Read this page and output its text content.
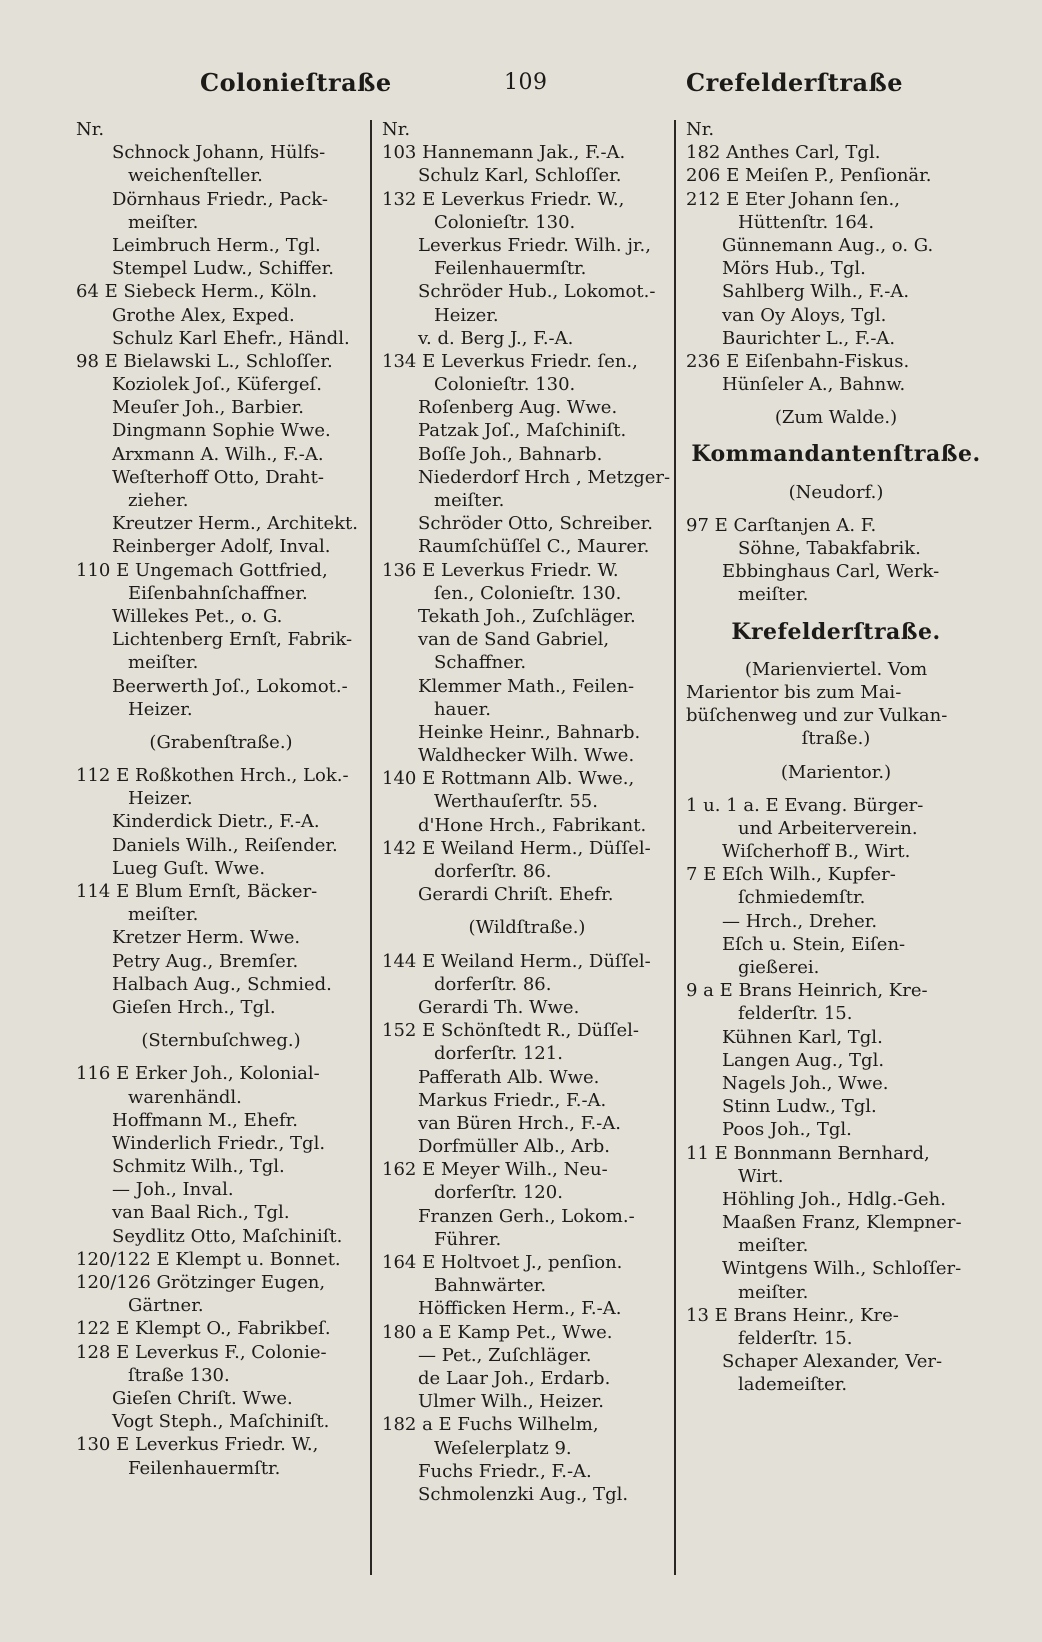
Colonieſtraße	109	Crefelderſtraße
Nr.
Schnock Johann, Hülfs-
weichenſteller.
Dörnhaus Friedr., Pack-
meiſter.
Leimbruch Herm., Tgl.
Stempel Ludw., Schiffer.
64 E Siebeck Herm., Köln.
Grothe Alex, Exped.
Schulz Karl Ehefr., Händl.
98 E Bielawski L., Schloſſer.
Koziolek Joſ., Küfergeſ.
Meuſer Joh., Barbier.
Dingmann Sophie Wwe.
Arxmann A. Wilh., F.-A.
Weſterhoff Otto, Draht-
zieher.
Kreutzer Herm., Architekt.
Reinberger Adolf, Inval.
110 E Ungemach Gottfried,
Eiſenbahnſchaffner.
Willekes Pet., o. G.
Lichtenberg Ernſt, Fabrik-
meiſter.
Beerwerth Joſ., Lokomot.-
Heizer.
(Grabenſtraße.)
112 E Roßkothen Hrch., Lok.-
Heizer.
Kinderdick Dietr., F.-A.
Daniels Wilh., Reiſender.
Lueg Guſt. Wwe.
114 E Blum Ernſt, Bäcker-
meiſter.
Kretzer Herm. Wwe.
Petry Aug., Bremſer.
Halbach Aug., Schmied.
Gieſen Hrch., Tgl.
(Sternbuſchweg.)
116 E Erker Joh., Kolonial-
warenhändl.
Hoffmann M., Ehefr.
Winderlich Friedr., Tgl.
Schmitz Wilh., Tgl.
— Joh., Inval.
van Baal Rich., Tgl.
Seydlitz Otto, Maſchiniſt.
120/122 E Klempt u. Bonnet.
120/126 Grötzinger Eugen,
Gärtner.
122 E Klempt O., Fabrikbeſ.
128 E Leverkus F., Colonie-
ſtraße 130.
Gieſen Chriſt. Wwe.
Vogt Steph., Maſchiniſt.
130 E Leverkus Friedr. W.,
Feilenhauermſtr.
Nr.
103 Hannemann Jak., F.-A.
Schulz Karl, Schloſſer.
132 E Leverkus Friedr. W.,
Colonieſtr. 130.
Leverkus Friedr. Wilh. jr.,
Feilenhauermſtr.
Schröder Hub., Lokomot.-
Heizer.
v. d. Berg J., F.-A.
134 E Leverkus Friedr. ſen.,
Colonieſtr. 130.
Roſenberg Aug. Wwe.
Patzak Joſ., Maſchiniſt.
Boſſe Joh., Bahnarb.
Niederdorf Hrch , Metzger-
meiſter.
Schröder Otto, Schreiber.
Raumſchüſſel C., Maurer.
136 E Leverkus Friedr. W.
ſen., Colonieſtr. 130.
Tekath Joh., Zuſchläger.
van de Sand Gabriel,
Schaffner.
Klemmer Math., Feilen-
hauer.
Heinke Heinr., Bahnarb.
Waldhecker Wilh. Wwe.
140 E Rottmann Alb. Wwe.,
Werthauſerſtr. 55.
d'Hone Hrch., Fabrikant.
142 E Weiland Herm., Düſſel-
dorferſtr. 86.
Gerardi Chriſt. Ehefr.
(Wildſtraße.)
144 E Weiland Herm., Düſſel-
dorferſtr. 86.
Gerardi Th. Wwe.
152 E Schönſtedt R., Düſſel-
dorferſtr. 121.
Pafferath Alb. Wwe.
Markus Friedr., F.-A.
van Büren Hrch., F.-A.
Dorfmüller Alb., Arb.
162 E Meyer Wilh., Neu-
dorferſtr. 120.
Franzen Gerh., Lokom.-
Führer.
164 E Holtvoet J., penſion.
Bahnwärter.
Höfficken Herm., F.-A.
180 a E Kamp Pet., Wwe.
— Pet., Zuſchläger.
de Laar Joh., Erdarb.
Ulmer Wilh., Heizer.
182 a E Fuchs Wilhelm,
Weſelerplatz 9.
Fuchs Friedr., F.-A.
Schmolenzki Aug., Tgl.
Nr.
182 Anthes Carl, Tgl.
206 E Meiſen P., Penſionär.
212 E Eter Johann ſen.,
Hüttenſtr. 164.
Günnemann Aug., o. G.
Mörs Hub., Tgl.
Sahlberg Wilh., F.-A.
van Oy Aloys, Tgl.
Baurichter L., F.-A.
236 E Eiſenbahn-Fiskus.
Hünſeler A., Bahnw.
(Zum Walde.)
Kommandantenſtraße.
(Neudorf.)
97 E Carſtanjen A. F.
Söhne, Tabakfabrik.
Ebbinghaus Carl, Werk-
meiſter.
Krefelderſtraße.
(Marienviertel. Vom
Marientor bis zum Mai-
büſchenweg und zur Vulkan-
ſtraße.)
(Marientor.)
1 u. 1 a. E Evang. Bürger-
und Arbeiterverein.
Wiſcherhoff B., Wirt.
7 E Eſch Wilh., Kupfer-
ſchmiedemſtr.
— Hrch., Dreher.
Eſch u. Stein, Eiſen-
gießerei.
9 a E Brans Heinrich, Kre-
felderſtr. 15.
Kühnen Karl, Tgl.
Langen Aug., Tgl.
Nagels Joh., Wwe.
Stinn Ludw., Tgl.
Poos Joh., Tgl.
11 E Bonnmann Bernhard,
Wirt.
Höhling Joh., Hdlg.-Geh.
Maaßen Franz, Klempner-
meiſter.
Wintgens Wilh., Schloſſer-
meiſter.
13 E Brans Heinr., Kre-
felderſtr. 15.
Schaper Alexander, Ver-
lademeiſter.
